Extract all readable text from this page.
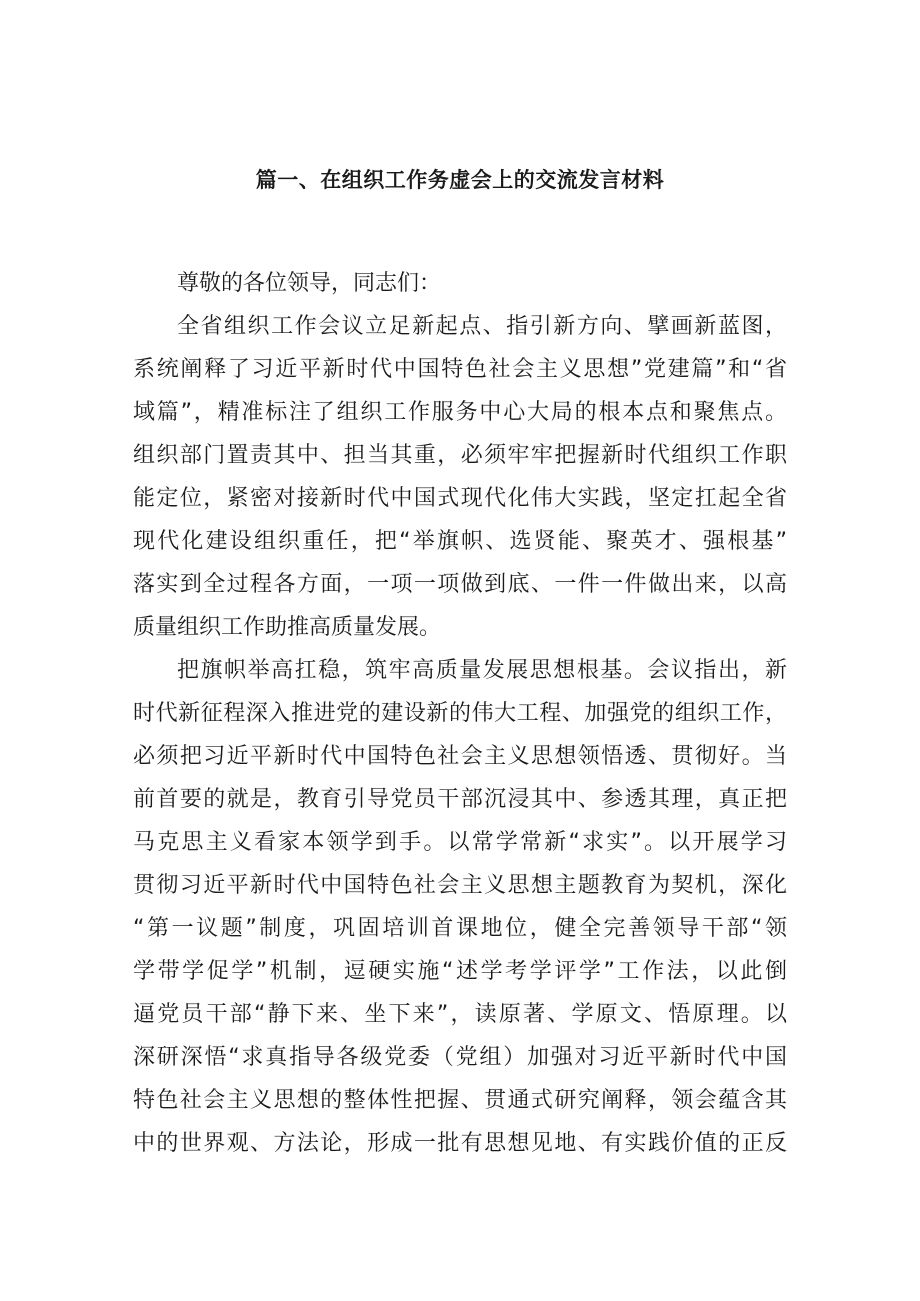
篇一、在组织工作务虚会上的交流发言材料
尊敬的各位领导，同志们：
全省组织工作会议立足新起点、指引新方向、擘画新蓝图，
系统阐释了习近平新时代中国特色社会主义思想”党建篇”和“省
域篇”，精准标注了组织工作服务中心大局的根本点和聚焦点。
组织部门置责其中、担当其重，必须牢牢把握新时代组织工作职
能定位，紧密对接新时代中国式现代化伟大实践，坚定扛起全省
现代化建设组织重任，把“举旗帜、选贤能、聚英才、强根基”
落实到全过程各方面，一项一项做到底、一件一件做出来，以高
质量组织工作助推高质量发展。
把旗帜举高扛稳，筑牢高质量发展思想根基。会议指出，新
时代新征程深入推进党的建设新的伟大工程、加强党的组织工作，
必须把习近平新时代中国特色社会主义思想领悟透、贯彻好。当
前首要的就是，教育引导党员干部沉浸其中、参透其理，真正把
马克思主义看家本领学到手。以常学常新“求实”。以开展学习
贯彻习近平新时代中国特色社会主义思想主题教育为契机，深化
“第一议题”制度，巩固培训首课地位，健全完善领导干部“领
学带学促学”机制，逗硬实施“述学考学评学”工作法，以此倒
逼党员干部“静下来、坐下来”，读原著、学原文、悟原理。以
深研深悟“求真指导各级党委（党组）加强对习近平新时代中国
特色社会主义思想的整体性把握、贯通式研究阐释，领会蕴含其
中的世界观、方法论，形成一批有思想见地、有实践价值的正反
